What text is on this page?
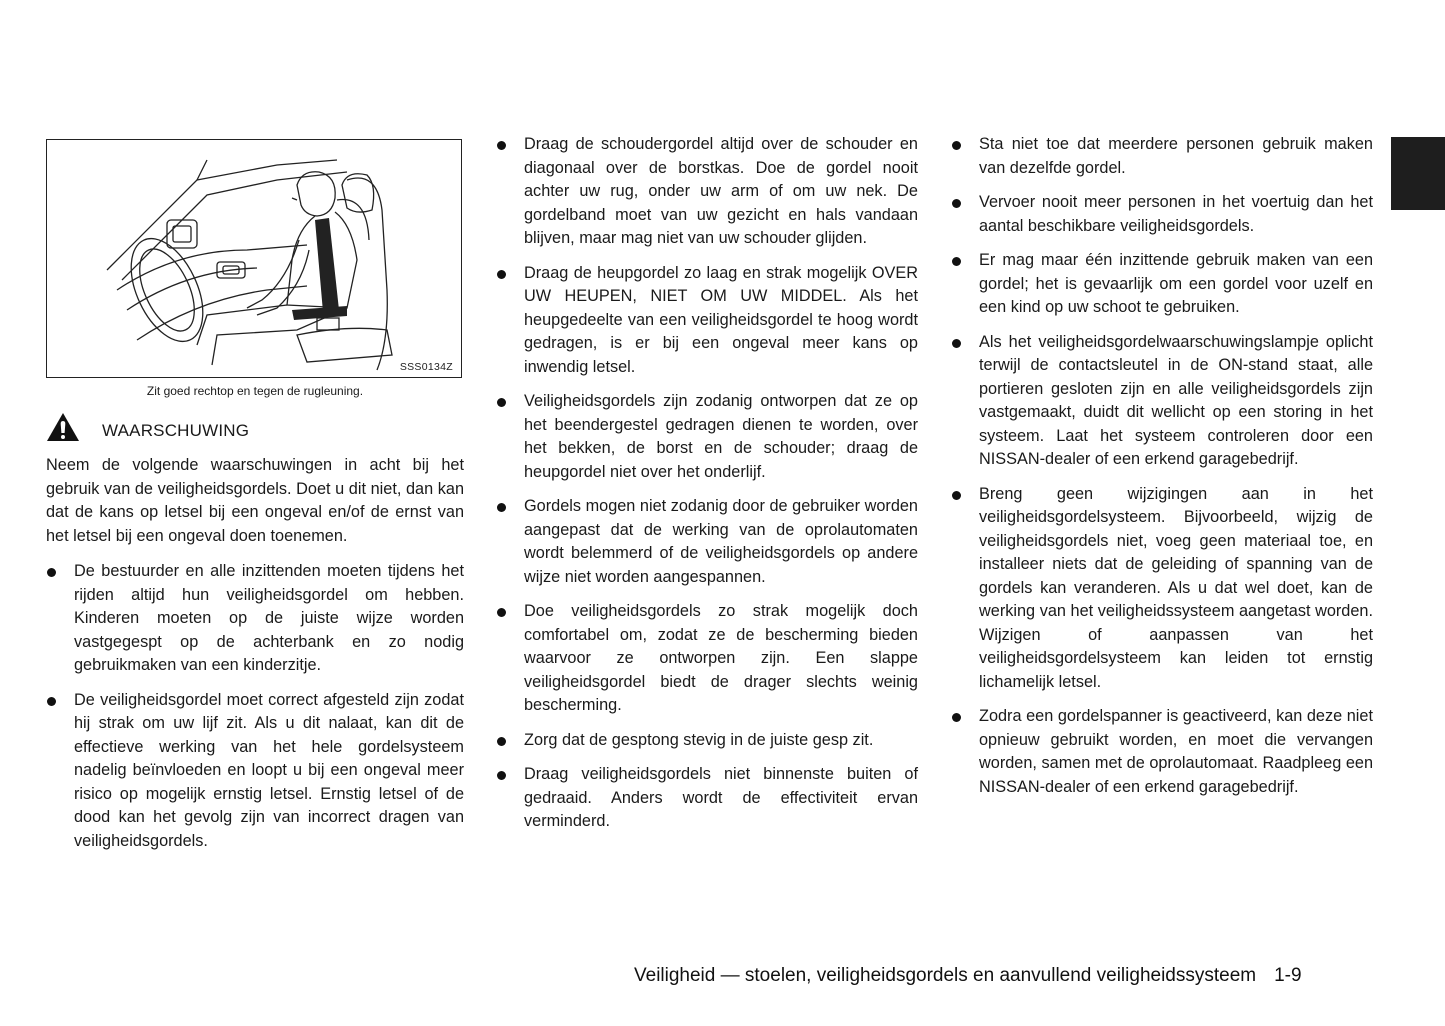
SSS0134Z
Zit goed rechtop en tegen de rugleuning.
WAARSCHUWING

Neem de volgende waarschuwingen in acht bij het gebruik van de veiligheidsgordels. Doet u dit niet, dan kan dat de kans op letsel bij een ongeval en/of de ernst van het letsel bij een ongeval doen toenemen.

De bestuurder en alle inzittenden moeten tijdens het rijden altijd hun veiligheidsgordel om hebben. Kinderen moeten op de juiste wijze worden vastgegespt op de achterbank en zo nodig gebruikmaken van een kinderzitje.
De veiligheidsgordel moet correct afgesteld zijn zodat hij strak om uw lijf zit. Als u dit nalaat, kan dit de effectieve werking van het hele gordelsysteem nadelig beïnvloeden en loopt u bij een ongeval meer risico op mogelijk ernstig letsel. Ernstig letsel of de dood kan het gevolg zijn van incorrect dragen van veiligheidsgordels.
Draag de schoudergordel altijd over de schouder en diagonaal over de borstkas. Doe de gordel nooit achter uw rug, onder uw arm of om uw nek. De gordelband moet van uw gezicht en hals vandaan blijven, maar mag niet van uw schouder glijden.
Draag de heupgordel zo laag en strak mogelijk OVER UW HEUPEN, NIET OM UW MIDDEL. Als het heupgedeelte van een veiligheidsgordel te hoog wordt gedragen, is er bij een ongeval meer kans op inwendig letsel.
Veiligheidsgordels zijn zodanig ontworpen dat ze op het beendergestel gedragen dienen te worden, over het bekken, de borst en de schouder; draag de heupgordel niet over het onderlijf.
Gordels mogen niet zodanig door de gebruiker worden aangepast dat de werking van de oprolautomaten wordt belemmerd of de veiligheidsgordels op andere wijze niet worden aangespannen.
Doe veiligheidsgordels zo strak mogelijk doch comfortabel om, zodat ze de bescherming bieden waarvoor ze ontworpen zijn. Een slappe veiligheidsgordel biedt de drager slechts weinig bescherming.
Zorg dat de gesptong stevig in de juiste gesp zit.
Draag veiligheidsgordels niet binnenste buiten of gedraaid. Anders wordt de effectiviteit ervan verminderd.
Sta niet toe dat meerdere personen gebruik maken van dezelfde gordel.
Vervoer nooit meer personen in het voertuig dan het aantal beschikbare veiligheidsgordels.
Er mag maar één inzittende gebruik maken van een gordel; het is gevaarlijk om een gordel voor uzelf en een kind op uw schoot te gebruiken.
Als het veiligheidsgordelwaarschuwingslampje oplicht terwijl de contactsleutel in de ON-stand staat, alle portieren gesloten zijn en alle veiligheidsgordels zijn vastgemaakt, duidt dit wellicht op een storing in het systeem. Laat het systeem controleren door een NISSAN-dealer of een erkend garagebedrijf.
Breng geen wijzigingen aan in het veiligheidsgordelsysteem. Bijvoorbeeld, wijzig de veiligheidsgordels niet, voeg geen materiaal toe, en installeer niets dat de geleiding of spanning van de gordels kan veranderen. Als u dat wel doet, kan de werking van het veiligheidssysteem aangetast worden. Wijzigen of aanpassen van het veiligheidsgordelsysteem kan leiden tot ernstig lichamelijk letsel.
Zodra een gordelspanner is geactiveerd, kan deze niet opnieuw gebruikt worden, en moet die vervangen worden, samen met de oprolautomaat. Raadpleeg een NISSAN-dealer of een erkend garagebedrijf.
Veiligheid — stoelen, veiligheidsgordels en aanvullend veiligheidssysteem 1-9
